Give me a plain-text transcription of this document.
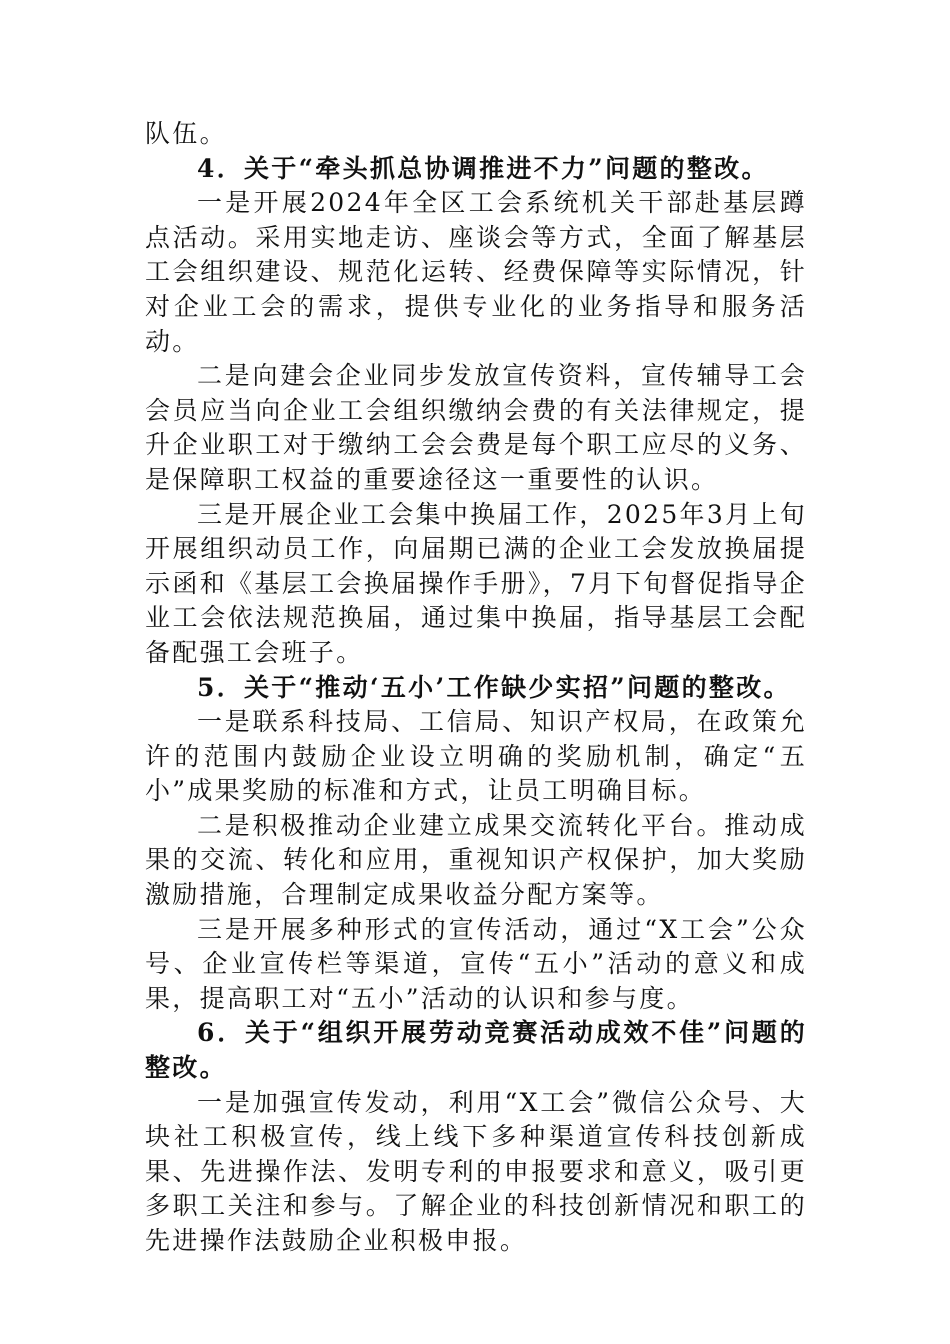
队伍。

4．关于“牵头抓总协调推进不力”问题的整改。

一是开展2024年全区工会系统机关干部赴基层蹲点活动。采用实地走访、座谈会等方式，全面了解基层工会组织建设、规范化运转、经费保障等实际情况，针对企业工会的需求，提供专业化的业务指导和服务活动。

二是向建会企业同步发放宣传资料，宣传辅导工会会员应当向企业工会组织缴纳会费的有关法律规定，提升企业职工对于缴纳工会会费是每个职工应尽的义务、是保障职工权益的重要途径这一重要性的认识。

三是开展企业工会集中换届工作，2025年3月上旬开展组织动员工作，向届期已满的企业工会发放换届提示函和《基层工会换届操作手册》，7月下旬督促指导企业工会依法规范换届，通过集中换届，指导基层工会配备配强工会班子。

5．关于“推动‘五小’工作缺少实招”问题的整改。

一是联系科技局、工信局、知识产权局，在政策允许的范围内鼓励企业设立明确的奖励机制，确定“五小”成果奖励的标准和方式，让员工明确目标。

二是积极推动企业建立成果交流转化平台。推动成果的交流、转化和应用，重视知识产权保护，加大奖励激励措施，合理制定成果收益分配方案等。

三是开展多种形式的宣传活动，通过“X工会”公众号、企业宣传栏等渠道，宣传“五小”活动的意义和成果，提高职工对“五小”活动的认识和参与度。

6．关于“组织开展劳动竞赛活动成效不佳”问题的整改。

一是加强宣传发动，利用“X工会”微信公众号、大块社工积极宣传，线上线下多种渠道宣传科技创新成果、先进操作法、发明专利的申报要求和意义，吸引更多职工关注和参与。了解企业的科技创新情况和职工的先进操作法鼓励企业积极申报。
